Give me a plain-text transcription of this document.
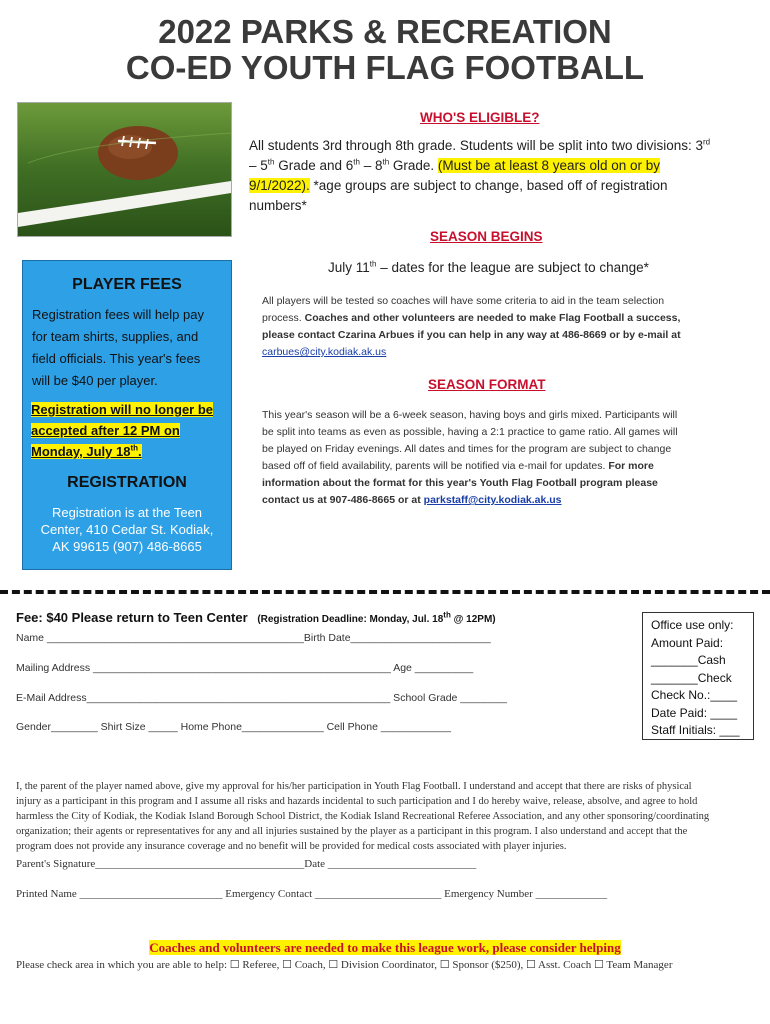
2022 PARKS & RECREATION
CO-ED YOUTH FLAG FOOTBALL
WHO'S ELIGIBLE?
All students 3rd through 8th grade. Students will be split into two divisions: 3rd
– 5th Grade and 6th – 8th Grade. (Must be at least 8 years old on or by
9/1/2022). *age groups are subject to change, based off of registration
numbers*
SEASON BEGINS
July 11th – dates for the league are subject to change*
All players will be tested so coaches will have some criteria to aid in the team selection
process. Coaches and other volunteers are needed to make Flag Football a success,
please contact Czarina Arbues if you can help in any way at 486-8669 or by e-mail at
carbues@city.kodiak.ak.us
SEASON FORMAT
This year's season will be a 6-week season, having boys and girls mixed. Participants will
be split into teams as even as possible, having a 2:1 practice to game ratio. All games will
be played on Friday evenings. All dates and times for the program are subject to change
based off of field availability, parents will be notified via e-mail for updates. For more
information about the format for this year's Youth Flag Football program please
contact us at 907-486-8665 or at parkstaff@city.kodiak.ak.us
PLAYER FEES
Registration fees will help pay
for team shirts, supplies, and
field officials. This year's fees
will be $40 per player.
Registration will no longer be
accepted after 12 PM on
Monday, July 18th.
REGISTRATION
Registration is at the Teen
Center, 410 Cedar St. Kodiak,
AK 99615 (907) 486-8665
Fee: $40 Please return to Teen Center (Registration Deadline: Monday, Jul. 18th @ 12PM)
Name ____________________________________________Birth Date________________________
Mailing Address ___________________________________________________ Age __________
E-Mail Address____________________________________________________ School Grade ________
Gender________ Shirt Size _____ Home Phone______________ Cell Phone ____________
Office use only:
Amount Paid:
_______Cash
_______Check
Check No.:____
Date Paid: ____
Staff Initials: ___
I, the parent of the player named above, give my approval for his/her participation in Youth Flag Football. I understand and accept that there are risks of physical
injury as a participant in this program and I assume all risks and hazards incidental to such participation and I do hereby waive, release, absolve, and agree to hold
harmless the City of Kodiak, the Kodiak Island Borough School District, the Kodiak Island Recreational Referee Association, and any other sponsoring/coordinating
organization; their agents or representatives for any and all injuries sustained by the player as a participant in this program. I also understand and accept that the
program does not provide any insurance coverage and no benefit will be provided for medical costs associated with player injuries.
Parent's Signature______________________________________Date ___________________________
Printed Name __________________________ Emergency Contact _______________________ Emergency Number _____________
Coaches and volunteers are needed to make this league work, please consider helping
Please check area in which you are able to help: ☐ Referee, ☐ Coach, ☐ Division Coordinator, ☐ Sponsor ($250), ☐ Asst. Coach ☐ Team Manager
